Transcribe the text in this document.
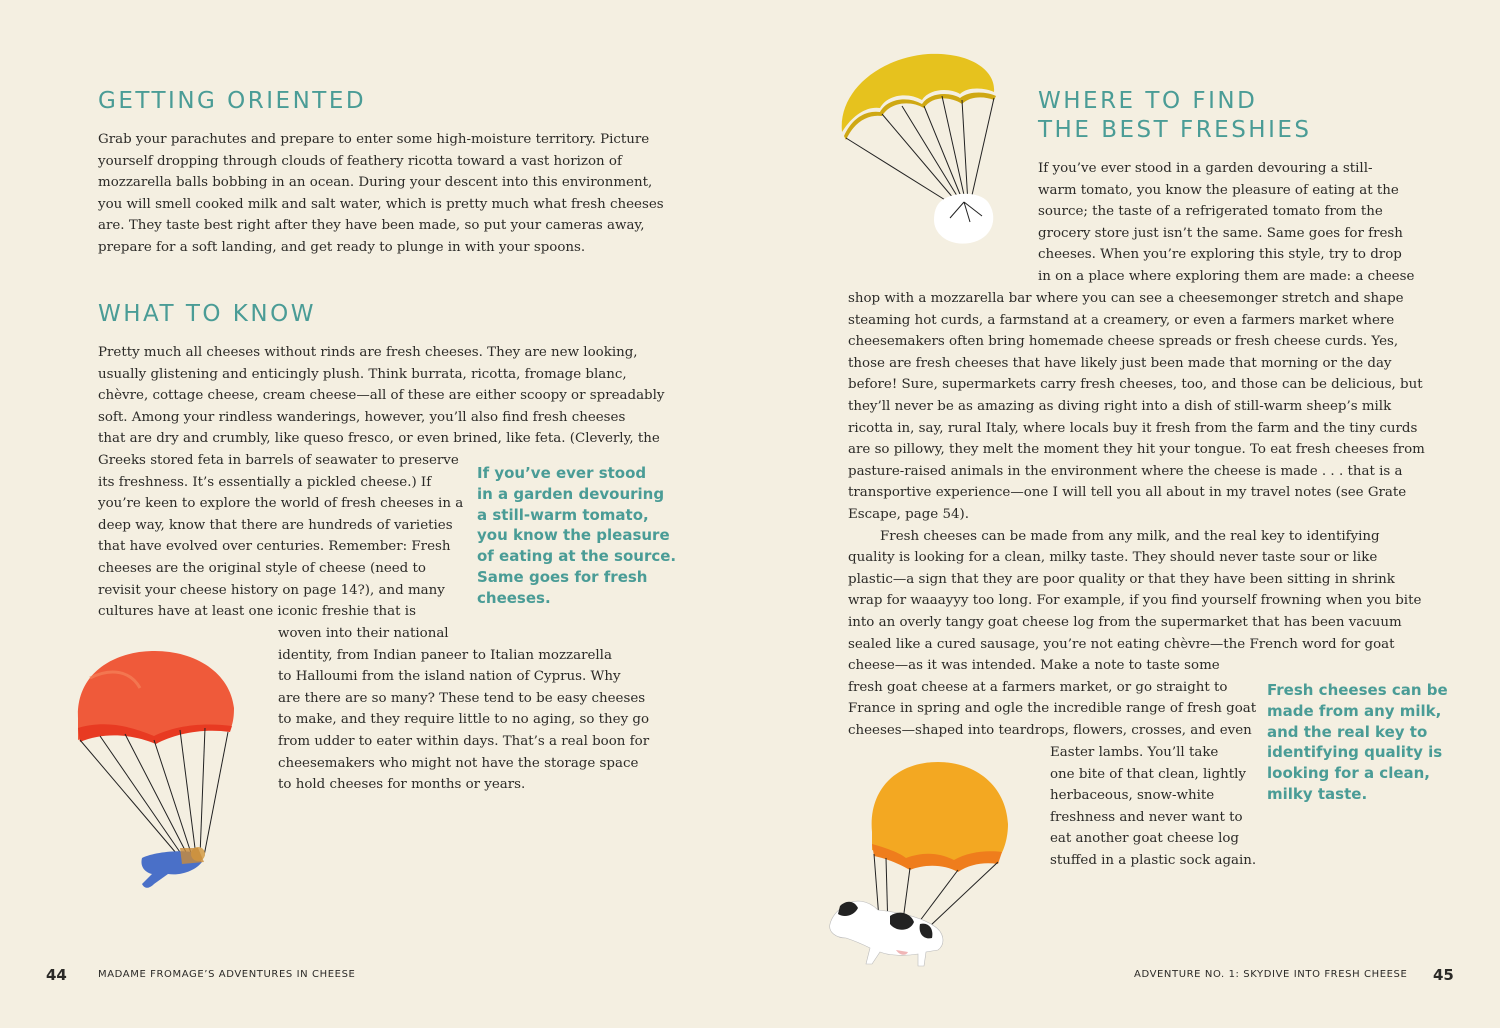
GETTING ORIENTED
WHAT TO KNOW
If you’ve ever stood
in a garden devouring
a still-warm tomato,
you know the pleasure
of eating at the source.
Same goes for fresh
cheeses.
44	MADAME FROMAGE’S ADVENTURES IN CHEESE
WHERE TO FIND
THE BEST FRESHIES
Fresh cheeses can be
made from any milk,
and the real key to
identifying quality is
looking for a clean,
milky taste.
ADVENTURE NO. 1: SKYDIVE INTO FRESH CHEESE 45
Grab your parachutes and prepare to enter some high-moisture territory. Picture
yourself dropping through clouds of feathery ricotta toward a vast horizon of
mozzarella balls bobbing in an ocean. During your descent into this environment,
you will smell cooked milk and salt water, which is pretty much what fresh cheeses
are. They taste best right after they have been made, so put your cameras away,
prepare for a soft landing, and get ready to plunge in with your spoons.
Pretty much all cheeses without rinds are fresh cheeses. They are new looking,
usually glistening and enticingly plush. Think burrata, ricotta, fromage blanc,
chèvre, cottage cheese, cream cheese—all of these are either scoopy or spreadably
soft. Among your rindless wanderings, however, you’ll also find fresh cheeses
that are dry and crumbly, like queso fresco, or even brined, like feta. (Cleverly, the
Greeks stored feta in barrels of seawater to preserve
its freshness. It’s essentially a pickled cheese.) If
you’re keen to explore the world of fresh cheeses in a
deep way, know that there are hundreds of varieties
that have evolved over centuries. Remember: Fresh
cheeses are the original style of cheese (need to
revisit your cheese history on page 14?), and many
cultures have at least one iconic freshie that is
woven into their national
identity, from Indian paneer to Italian mozzarella
to Halloumi from the island nation of Cyprus. Why
are there are so many? These tend to be easy cheeses
to make, and they require little to no aging, so they go
from udder to eater within days. That’s a real boon for
cheesemakers who might not have the storage space
to hold cheeses for months or years.
If you’ve ever stood in a garden devouring a still-
warm tomato, you know the pleasure of eating at the
source; the taste of a refrigerated tomato from the
grocery store just isn’t the same. Same goes for fresh
cheeses. When you’re exploring this style, try to drop
in on a place where exploring them are made: a cheese
shop with a mozzarella bar where you can see a cheesemonger stretch and shape
steaming hot curds, a farmstand at a creamery, or even a farmers market where
cheesemakers often bring homemade cheese spreads or fresh cheese curds. Yes,
those are fresh cheeses that have likely just been made that morning or the day
before! Sure, supermarkets carry fresh cheeses, too, and those can be delicious, but
they’ll never be as amazing as diving right into a dish of still-warm sheep’s milk
ricotta in, say, rural Italy, where locals buy it fresh from the farm and the tiny curds
are so pillowy, they melt the moment they hit your tongue. To eat fresh cheeses from
pasture-raised animals in the environment where the cheese is made . . . that is a
transportive experience—one I will tell you all about in my travel notes (see Grate
Escape, page 54).
Fresh cheeses can be made from any milk, and the real key to identifying
quality is looking for a clean, milky taste. They should never taste sour or like
plastic—a sign that they are poor quality or that they have been sitting in shrink
wrap for waaayyy too long. For example, if you find yourself frowning when you bite
into an overly tangy goat cheese log from the supermarket that has been vacuum
sealed like a cured sausage, you’re not eating chèvre—the French word for goat
cheese—as it was intended. Make a note to taste some
fresh goat cheese at a farmers market, or go straight to
France in spring and ogle the incredible range of fresh goat
cheeses—shaped into teardrops, flowers, crosses, and even
Easter lambs. You’ll take
one bite of that clean, lightly
herbaceous, snow-white
freshness and never want to
eat another goat cheese log
stuffed in a plastic sock again.
